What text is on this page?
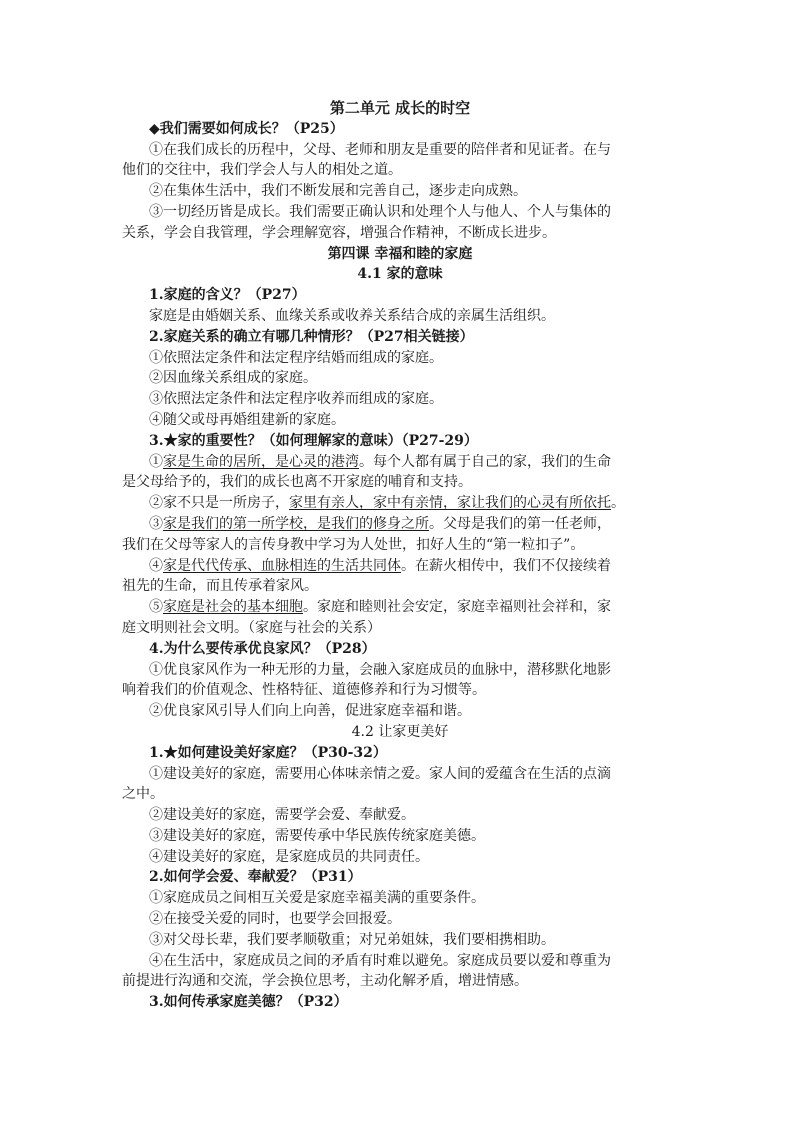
第二单元 成长的时空
◆我们需要如何成长？（P25）
①在我们成长的历程中，父母、老师和朋友是重要的陪伴者和见证者。在与
他们的交往中，我们学会人与人的相处之道。
②在集体生活中，我们不断发展和完善自己，逐步走向成熟。
③一切经历皆是成长。我们需要正确认识和处理个人与他人、个人与集体的
关系，学会自我管理，学会理解宽容，增强合作精神，不断成长进步。
第四课 幸福和睦的家庭
4.1 家的意味
1.家庭的含义？（P27）
家庭是由婚姻关系、血缘关系或收养关系结合成的亲属生活组织。
2.家庭关系的确立有哪几种情形？（P27相关链接）
①依照法定条件和法定程序结婚而组成的家庭。
②因血缘关系组成的家庭。
③依照法定条件和法定程序收养而组成的家庭。
④随父或母再婚组建新的家庭。
3.★家的重要性？（如何理解家的意味）（P27-29）
①家是生命的居所，是心灵的港湾。每个人都有属于自己的家，我们的生命
是父母给予的，我们的成长也离不开家庭的哺育和支持。
②家不只是一所房子，家里有亲人，家中有亲情，家让我们的心灵有所依托。
③家是我们的第一所学校，是我们的修身之所。父母是我们的第一任老师，
我们在父母等家人的言传身教中学习为人处世，扣好人生的“第一粒扣子”。
④家是代代传承、血脉相连的生活共同体。在薪火相传中，我们不仅接续着
祖先的生命，而且传承着家风。
⑤家庭是社会的基本细胞。家庭和睦则社会安定，家庭幸福则社会祥和，家
庭文明则社会文明。（家庭与社会的关系）
4.为什么要传承优良家风？（P28）
①优良家风作为一种无形的力量，会融入家庭成员的血脉中，潜移默化地影
响着我们的价值观念、性格特征、道德修养和行为习惯等。
②优良家风引导人们向上向善，促进家庭幸福和谐。
4.2 让家更美好
1.★如何建设美好家庭？（P30-32）
①建设美好的家庭，需要用心体味亲情之爱。家人间的爱蕴含在生活的点滴
之中。
②建设美好的家庭，需要学会爱、奉献爱。
③建设美好的家庭，需要传承中华民族传统家庭美德。
④建设美好的家庭，是家庭成员的共同责任。
2.如何学会爱、奉献爱？（P31）
①家庭成员之间相互关爱是家庭幸福美满的重要条件。
②在接受关爱的同时，也要学会回报爱。
③对父母长辈，我们要孝顺敬重；对兄弟姐妹，我们要相携相助。
④在生活中，家庭成员之间的矛盾有时难以避免。家庭成员要以爱和尊重为
前提进行沟通和交流，学会换位思考，主动化解矛盾，增进情感。
3.如何传承家庭美德？（P32）
